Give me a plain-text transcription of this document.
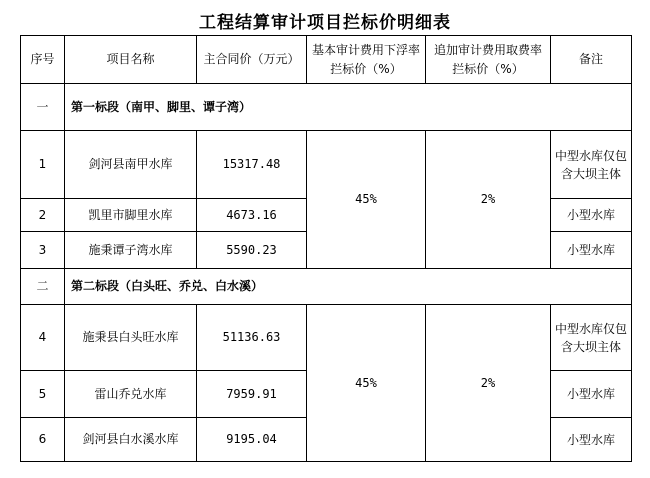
工程结算审计项目拦标价明细表
序号	项目名称	主合同价（万元）	基本审计费用下浮率拦标价（%）	追加审计费用取费率拦标价（%）	备注
一	第一标段（南甲、脚里、谭子湾）				
1	剑河县南甲水库	15317.48	45%	2%	中型水库仅包含大坝主体
2	凯里市脚里水库	4673.16			小型水库
3	施秉谭子湾水库	5590.23			小型水库
二	第二标段（白头旺、乔兑、白水溪）				
4	施秉县白头旺水库	51136.63	45%	2%	中型水库仅包含大坝主体
5	雷山乔兑水库	7959.91			小型水库
6	剑河县白水溪水库	9195.04			小型水库
